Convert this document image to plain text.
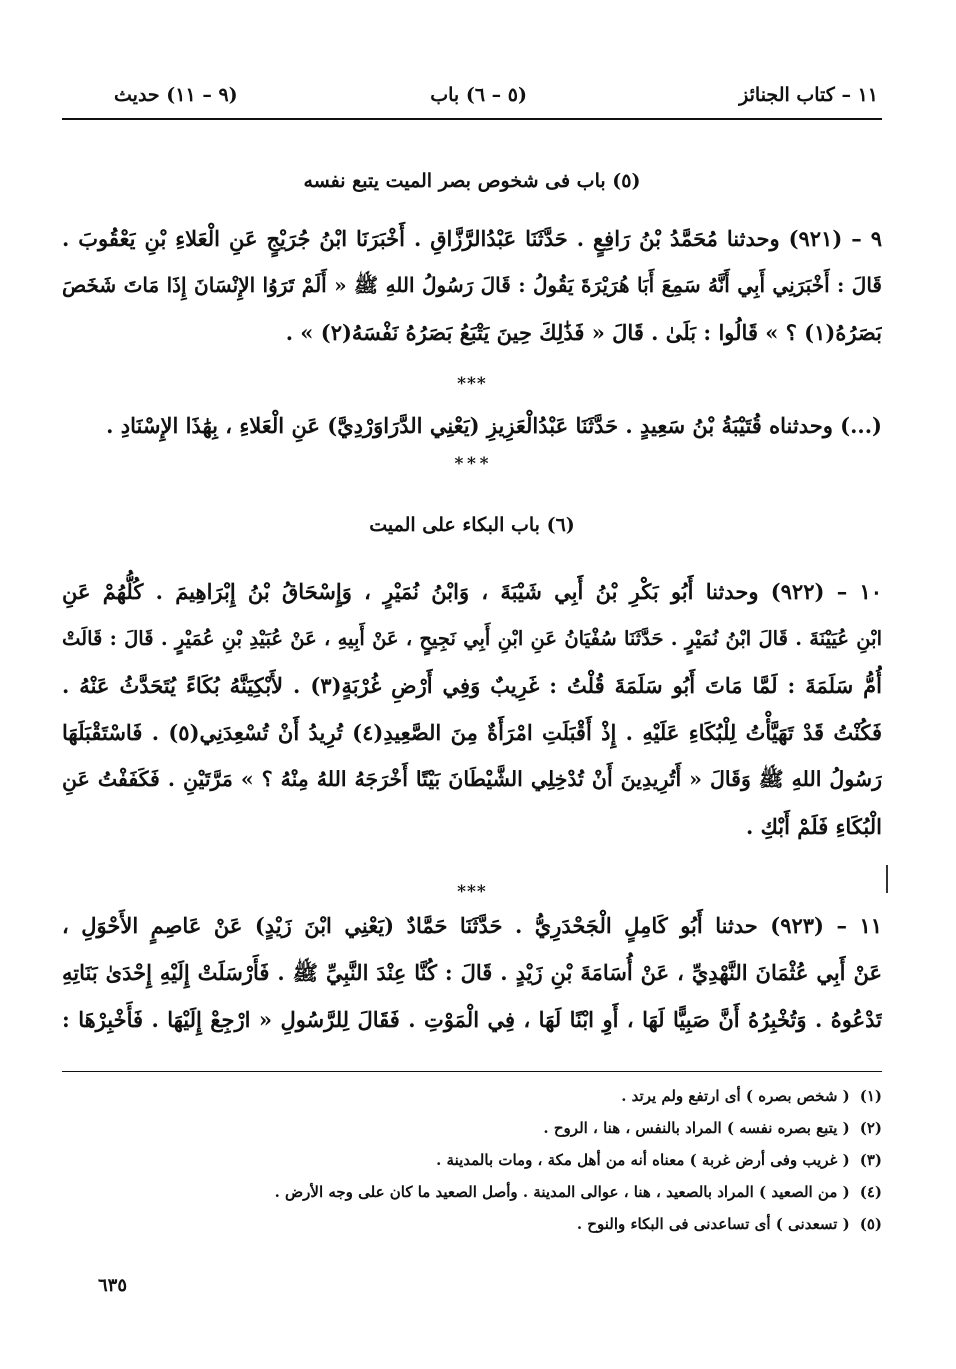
١١ – كتاب الجنائز
(٥ – ٦) باب
(٩ – ١١) حديث
(٥) باب فى شخوص بصر الميت يتبع نفسه
٩ – (٩٢١) وحدثنا مُحَمَّدُ بْنُ رَافِعٍ . حَدَّثَنَا عَبْدُالرَّزَّاقِ . أَخْبَرَنَا ابْنُ جُرَيْجٍ عَنِ الْعَلاءِ بْنِ يَعْقُوبَ .
قَالَ : أَخْبَرَنِي أَبِي أَنَّهُ سَمِعَ أَبَا هُرَيْرَةَ يَقُولُ : قَالَ رَسُولُ اللهِ ﷺ « أَلَمْ تَرَوُا الإِنْسَانَ إِذَا مَاتَ شَخَصَ
بَصَرُهُ(١) ؟ » قَالُوا : بَلَىٰ . قَالَ « فَذَٰلِكَ حِينَ يَتْبَعُ بَصَرُهُ نَفْسَهُ(٢) » .
***
(...) وحدثناه قُتَيْبَةُ بْنُ سَعِيدٍ . حَدَّثَنَا عَبْدُالْعَزِيزِ (يَعْنِي الدَّرَاوَرْدِيَّ) عَنِ الْعَلاءِ ، بِهَٰذَا الإِسْنَادِ .
* * *
(٦) باب البكاء على الميت
١٠ – (٩٢٢) وحدثنا أَبُو بَكْرِ بْنُ أَبِي شَيْبَةَ ، وَابْنُ نُمَيْرٍ ، وَإِسْحَاقُ بْنُ إِبْرَاهِيمَ . كُلُّهُمْ عَنِ
ابْنِ عُيَيْنَةَ . قَالَ ابْنُ نُمَيْرٍ . حَدَّثَنَا سُفْيَانُ عَنِ ابْنِ أَبِي نَجِيحٍ ، عَنْ أَبِيهِ ، عَنْ عُبَيْدِ بْنِ عُمَيْرٍ . قَالَ : قَالَتْ
أُمُّ سَلَمَةَ : لَمَّا مَاتَ أَبُو سَلَمَةَ قُلْتُ : غَرِيبٌ وَفِي أَرْضِ غُرْبَةٍ(٣) . لأَبْكِيَنَّهُ بُكَاءً يُتَحَدَّثُ عَنْهُ .
فَكُنْتُ قَدْ تَهَيَّأْتُ لِلْبُكَاءِ عَلَيْهِ . إِذْ أَقْبَلَتِ امْرَأَةٌ مِنَ الصَّعِيدِ(٤) تُرِيدُ أَنْ تُسْعِدَنِي(٥) . فَاسْتَقْبَلَهَا
رَسُولُ اللهِ ﷺ وَقَالَ « أَتُرِيدِينَ أَنْ تُدْخِلِي الشَّيْطَانَ بَيْتًا أَخْرَجَهُ اللهُ مِنْهُ ؟ » مَرَّتَيْنِ . فَكَفَفْتُ عَنِ
الْبُكَاءِ فَلَمْ أَبْكِ .
***
١١ – (٩٢٣) حدثنا أَبُو كَامِلٍ الْجَحْدَرِيُّ . حَدَّثَنَا حَمَّادٌ (يَعْنِي ابْنَ زَيْدٍ) عَنْ عَاصِمٍ الأَحْوَلِ ،
عَنْ أَبِي عُثْمَانَ النَّهْدِيِّ ، عَنْ أُسَامَةَ بْنِ زَيْدٍ . قَالَ : كُنَّا عِنْدَ النَّبِيِّ ﷺ . فَأَرْسَلَتْ إِلَيْهِ إِحْدَىٰ بَنَاتِهِ
تَدْعُوهُ . وَتُخْبِرُهُ أَنَّ صَبِيًّا لَهَا ، أَوِ ابْنًا لَهَا ، فِي الْمَوْتِ . فَقَالَ لِلرَّسُولِ « ارْجِعْ إِلَيْهَا . فَأَخْبِرْهَا :
(١)( شخص بصره ) أى ارتفع ولم يرتد .
(٢)( يتبع بصره نفسه ) المراد بالنفس ، هنا ، الروح .
(٣)( غريب وفى أرض غربة ) معناه أنه من أهل مكة ، ومات بالمدينة .
(٤)( من الصعيد ) المراد بالصعيد ، هنا ، عوالى المدينة . وأصل الصعيد ما كان على وجه الأرض .
(٥)( تسعدنى ) أى تساعدنى فى البكاء والنوح .
٦٣٥
